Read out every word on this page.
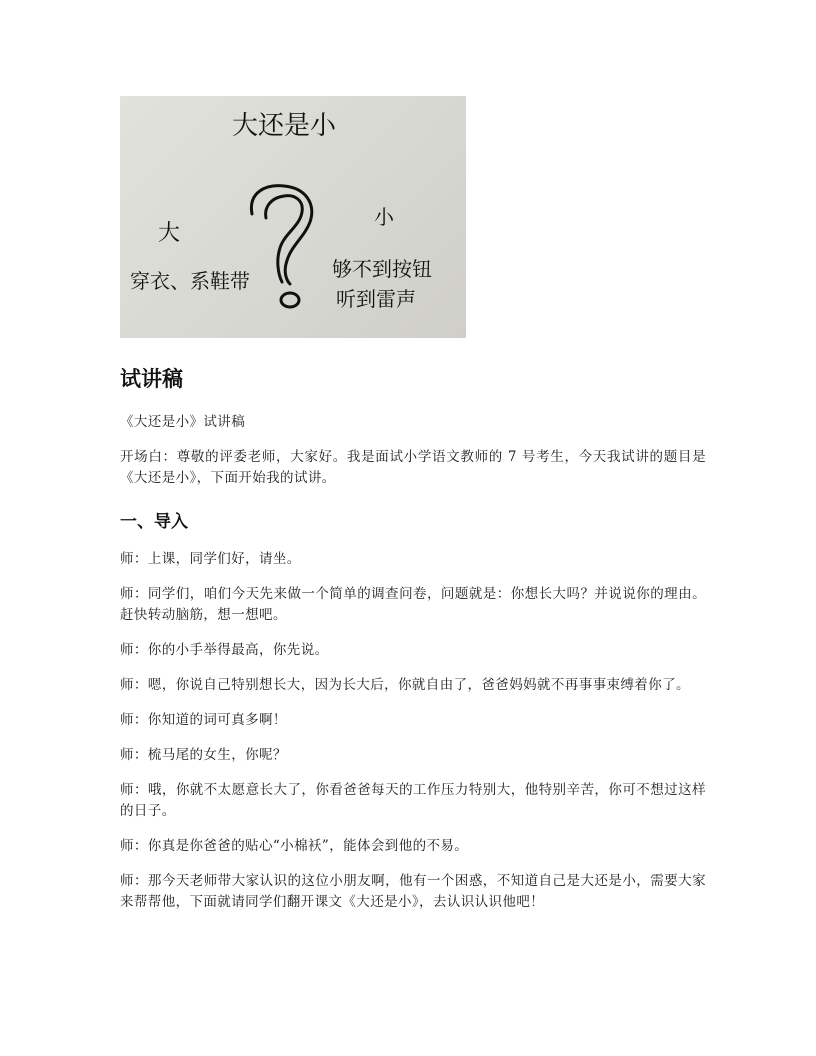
大还是小
大
穿衣、系鞋带
小
够不到按钮
听到雷声
?
试讲稿

《大还是小》试讲稿

开场白：尊敬的评委老师，大家好。我是面试小学语文教师的 7 号考生，今天我试讲的题目是《大还是小》，下面开始我的试讲。

一、导入

师：上课，同学们好，请坐。

师：同学们，咱们今天先来做一个简单的调查问卷，问题就是：你想长大吗？并说说你的理由。赶快转动脑筋，想一想吧。

师：你的小手举得最高，你先说。

师：嗯，你说自己特别想长大，因为长大后，你就自由了，爸爸妈妈就不再事事束缚着你了。

师：你知道的词可真多啊！

师：梳马尾的女生，你呢？

师：哦，你就不太愿意长大了，你看爸爸每天的工作压力特别大，他特别辛苦，你可不想过这样的日子。

师：你真是你爸爸的贴心“小棉袄”，能体会到他的不易。

师：那今天老师带大家认识的这位小朋友啊，他有一个困惑，不知道自己是大还是小，需要大家来帮帮他，下面就请同学们翻开课文《大还是小》，去认识认识他吧！
